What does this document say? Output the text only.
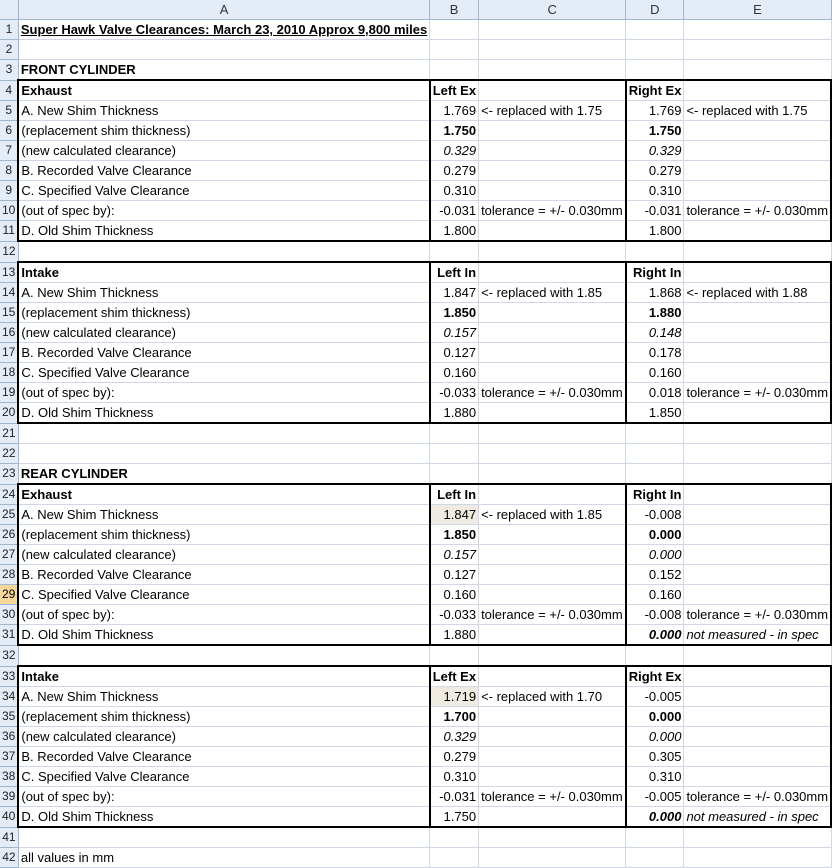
	A	B	C	D	E
1	Super Hawk Valve Clearances: March 23, 2010 Approx 9,800 miles				
2					
3	FRONT CYLINDER				
4	Exhaust	Left Ex		Right Ex	
5	A. New Shim Thickness	1.769	<- replaced with 1.75	1.769	<- replaced with 1.75
6	(replacement shim thickness)	1.750		1.750	
7	(new calculated clearance)	0.329		0.329	
8	B. Recorded Valve Clearance	0.279		0.279	
9	C. Specified Valve Clearance	0.310		0.310	
10	(out of spec by):	-0.031	tolerance = +/- 0.030mm	-0.031	tolerance = +/- 0.030mm
11	D. Old Shim Thickness	1.800		1.800	
12					
13	Intake	Left In		Right In	
14	A. New Shim Thickness	1.847	<- replaced with 1.85	1.868	<- replaced with 1.88
15	(replacement shim thickness)	1.850		1.880	
16	(new calculated clearance)	0.157		0.148	
17	B. Recorded Valve Clearance	0.127		0.178	
18	C. Specified Valve Clearance	0.160		0.160	
19	(out of spec by):	-0.033	tolerance = +/- 0.030mm	0.018	tolerance = +/- 0.030mm
20	D. Old Shim Thickness	1.880		1.850	
21					
22					
23	REAR CYLINDER				
24	Exhaust	Left In		Right In	
25	A. New Shim Thickness	1.847	<- replaced with 1.85	-0.008	
26	(replacement shim thickness)	1.850		0.000	
27	(new calculated clearance)	0.157		0.000	
28	B. Recorded Valve Clearance	0.127		0.152	
29	C. Specified Valve Clearance	0.160		0.160	
30	(out of spec by):	-0.033	tolerance = +/- 0.030mm	-0.008	tolerance = +/- 0.030mm
31	D. Old Shim Thickness	1.880		0.000	not measured - in spec
32					
33	Intake	Left Ex		Right Ex	
34	A. New Shim Thickness	1.719	<- replaced with 1.70	-0.005	
35	(replacement shim thickness)	1.700		0.000	
36	(new calculated clearance)	0.329		0.000	
37	B. Recorded Valve Clearance	0.279		0.305	
38	C. Specified Valve Clearance	0.310		0.310	
39	(out of spec by):	-0.031	tolerance = +/- 0.030mm	-0.005	tolerance = +/- 0.030mm
40	D. Old Shim Thickness	1.750		0.000	not measured - in spec
41					
42	all values in mm				
